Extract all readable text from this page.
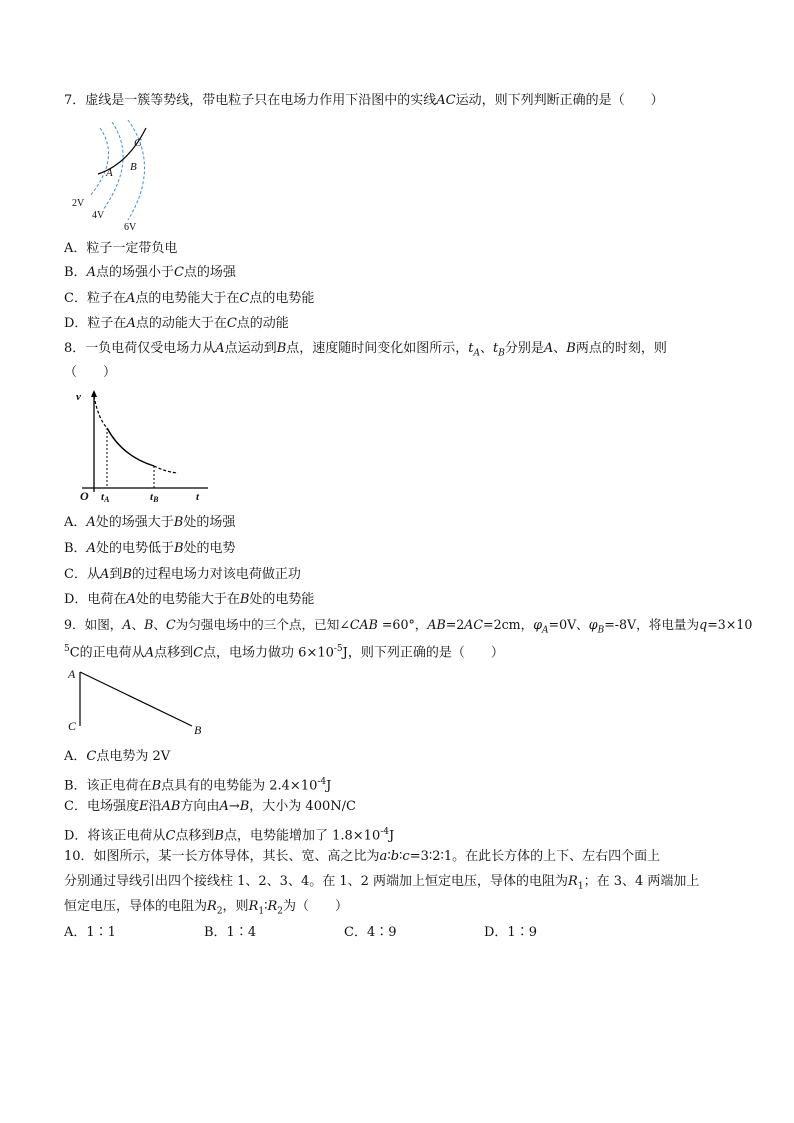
7．虚线是一簇等势线，带电粒子只在电场力作用下沿图中的实线AC运动，则下列判断正确的是（　　）
C
A B
2V
4V
6V
A．粒子一定带负电
B．A点的场强小于C点的场强
C．粒子在A点的电势能大于在C点的电势能
D．粒子在A点的动能大于在C点的动能
8．一负电荷仅受电场力从A点运动到B点，速度随时间变化如图所示，$t_A$、$t_B$分别是A、B两点的时刻，则
（　　）
v
O tA	tB	t
A．A处的场强大于B处的场强
B．A处的电势低于B处的电势
C．从A到B的过程电场力对该电荷做正功
D．电荷在A处的电势能大于在B处的电势能
9．如图，A、B、C为匀强电场中的三个点，已知∠CAB =60°，AB=2AC=2cm，$\varphi_A=0V$、$\varphi_B=-8V$，将电量为q=3×10
$^5$C的正电荷从A点移到C点，电场力做功 $6\times 10^{-5}J$，则下列正确的是（　　）
A
C	B
A．C点电势为 2V
B．该正电荷在B点具有的电势能为 $2.4\times 10^{-4}J$
C．电场强度E沿AB方向由A→B，大小为 400N/C
D．将该正电荷从C点移到B点，电势能增加了 $1.8\times 10^{-4}J$
10．如图所示，某一长方体导体，其长、宽、高之比为a∶b∶c=3∶2∶1。在此长方体的上下、左右四个面上
分别通过导线引出四个接线柱 1、2、3、4。在 1、2 两端加上恒定电压，导体的电阻为$R_1$；在 3、4 两端加上
恒定电压，导体的电阻为$R_2$，则$R_1∶R_2$为（　　）
A．1∶1	B．1∶4	C．4∶9	D．1∶9
